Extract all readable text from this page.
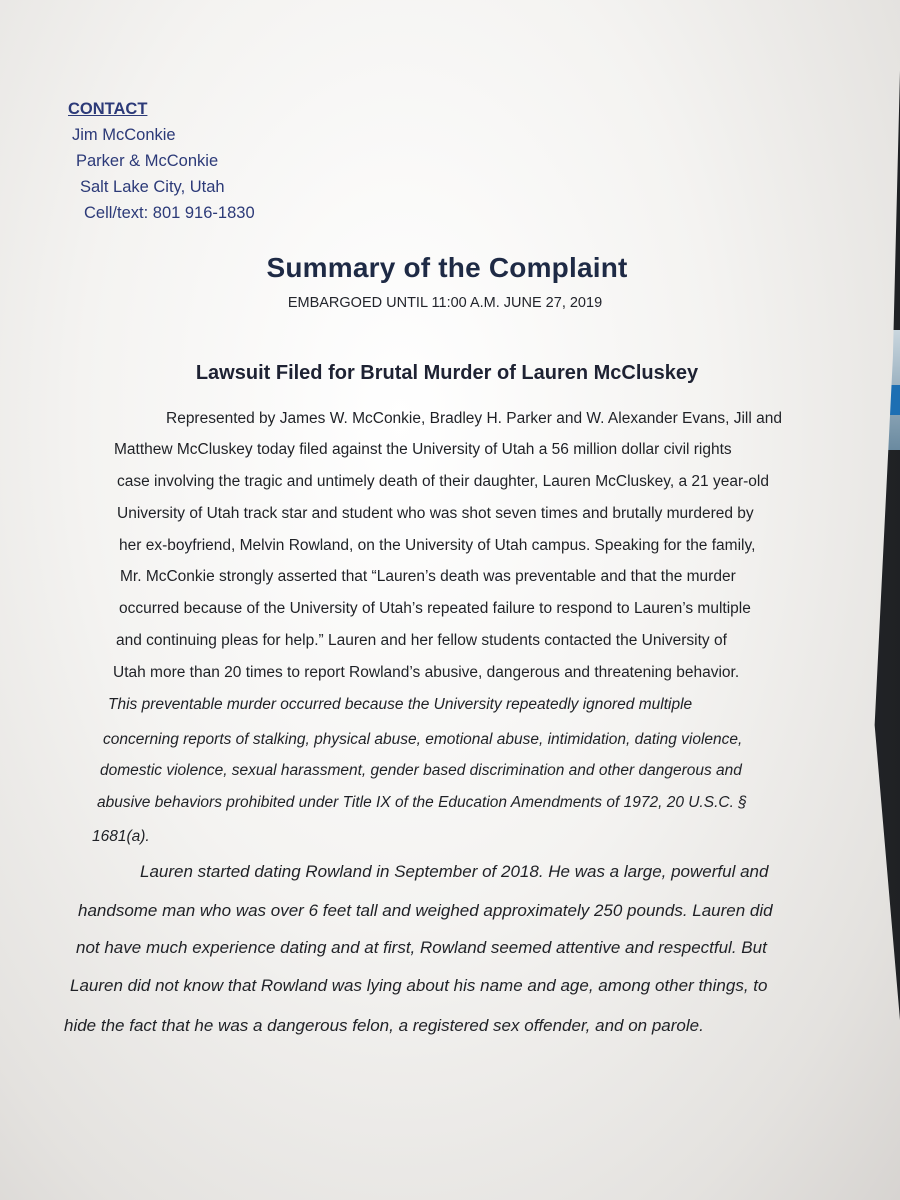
CONTACT
Jim McConkie
Parker & McConkie
Salt Lake City, Utah
Cell/text: 801 916-1830
Summary of the Complaint
EMBARGOED UNTIL 11:00 A.M. JUNE 27, 2019
Lawsuit Filed for Brutal Murder of Lauren McCluskey
Represented by James W. McConkie, Bradley H. Parker and W. Alexander Evans, Jill and
Matthew McCluskey today filed against the University of Utah a 56 million dollar civil rights
case involving the tragic and untimely death of their daughter, Lauren McCluskey, a 21 year-old
University of Utah track star and student who was shot seven times and brutally murdered by
her ex-boyfriend, Melvin Rowland, on the University of Utah campus. Speaking for the family,
Mr. McConkie strongly asserted that “Lauren’s death was preventable and that the murder
occurred because of the University of Utah’s repeated failure to respond to Lauren’s multiple
and continuing pleas for help.” Lauren and her fellow students contacted the University of
Utah more than 20 times to report Rowland’s abusive, dangerous and threatening behavior.
This preventable murder occurred because the University repeatedly ignored multiple
concerning reports of stalking, physical abuse, emotional abuse, intimidation, dating violence,
domestic violence, sexual harassment, gender based discrimination and other dangerous and
abusive behaviors prohibited under Title IX of the Education Amendments of 1972, 20 U.S.C. §
1681(a).
Lauren started dating Rowland in September of 2018. He was a large, powerful and
handsome man who was over 6 feet tall and weighed approximately 250 pounds. Lauren did
not have much experience dating and at first, Rowland seemed attentive and respectful. But
Lauren did not know that Rowland was lying about his name and age, among other things, to
hide the fact that he was a dangerous felon, a registered sex offender, and on parole.
